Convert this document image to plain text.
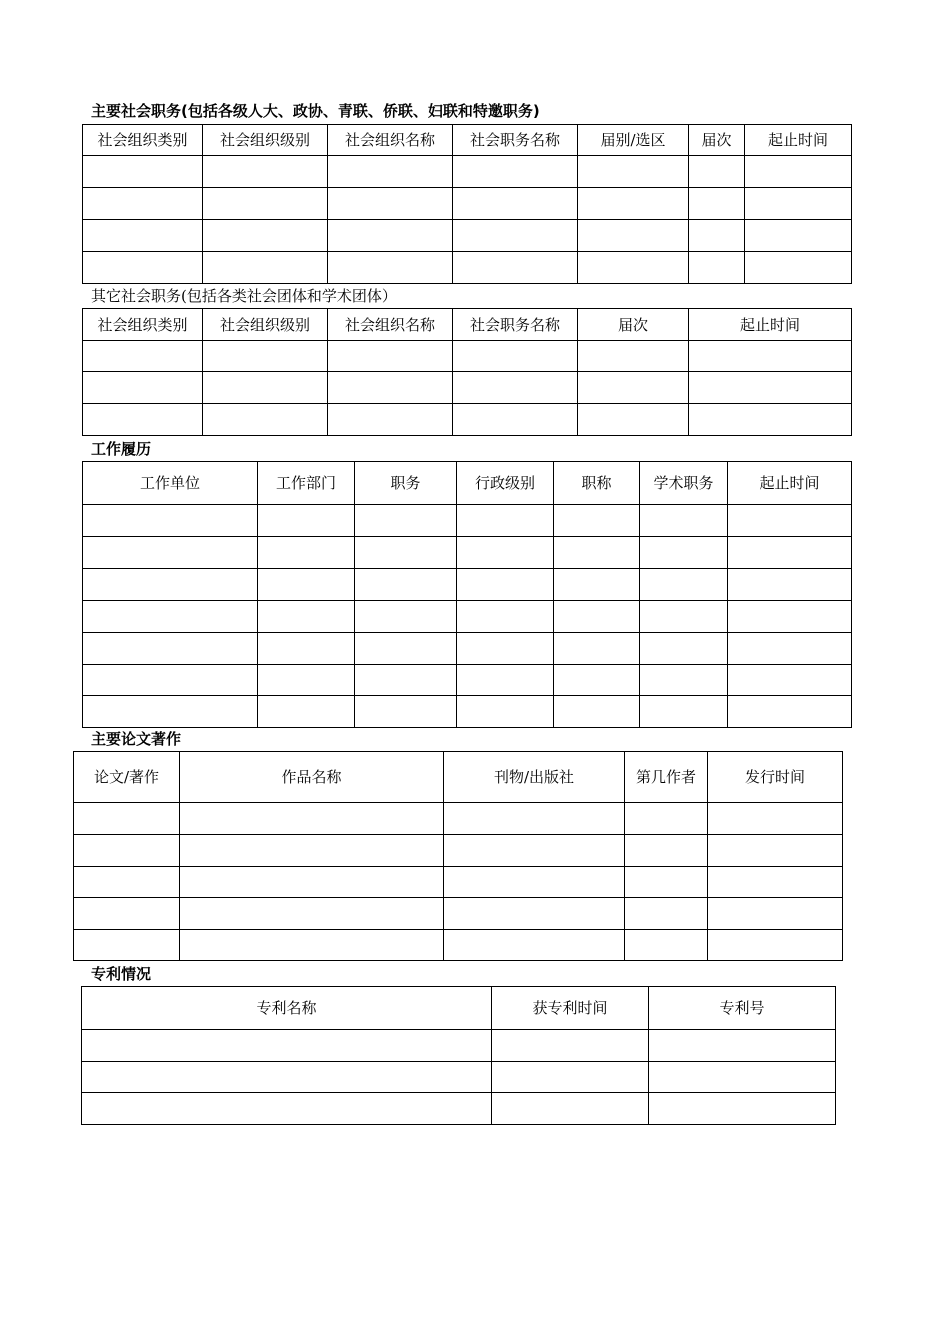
主要社会职务(包括各级人大、政协、青联、侨联、妇联和特邀职务)
社会组织类别	社会组织级别	社会组织名称	社会职务名称	届别/选区	届次	起止时间

其它社会职务(包括各类社会团体和学术团体）
社会组织类别	社会组织级别	社会组织名称	社会职务名称	届次	起止时间

工作履历
工作单位	工作部门	职务	行政级别	职称	学术职务	起止时间

主要论文著作
论文/著作	作品名称	刊物/出版社	第几作者	发行时间

专利情况
专利名称	获专利时间	专利号
